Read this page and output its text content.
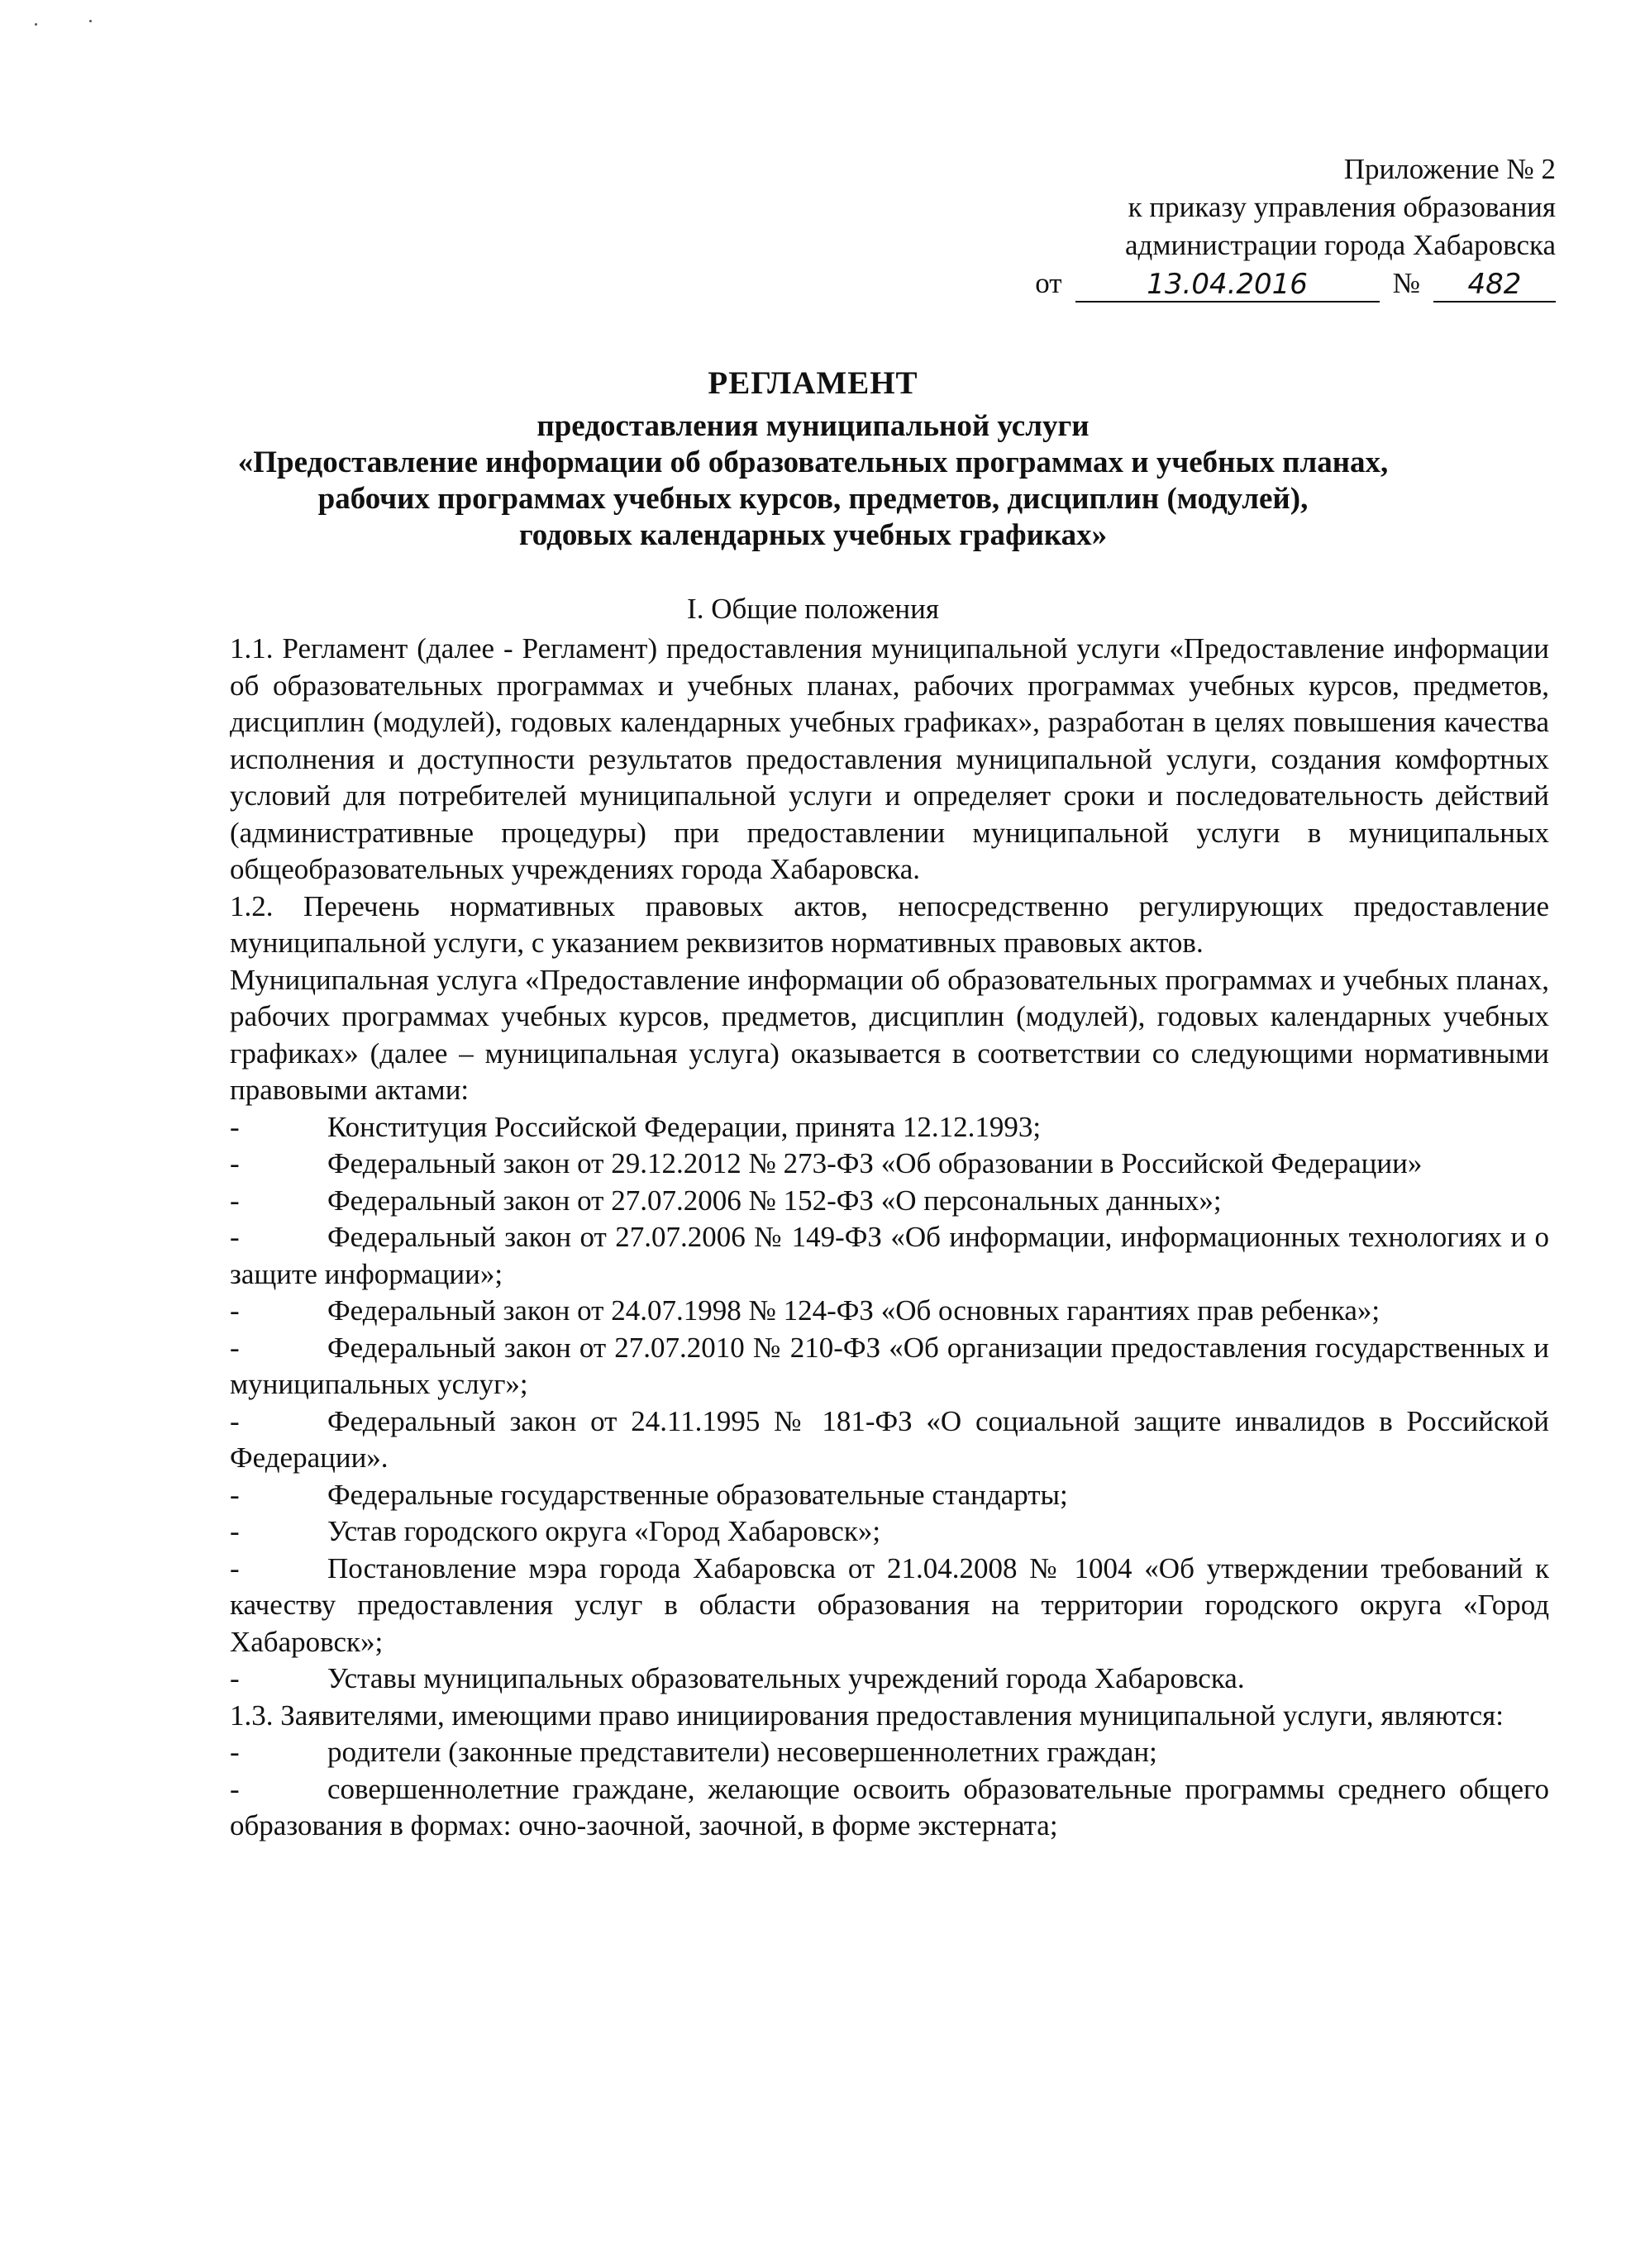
Приложение № 2
к приказу управления образования
администрации города Хабаровска
от	13.04.2016	№	482
РЕГЛАМЕНТ
предоставления муниципальной услуги
«Предоставление информации об образовательных программах и учебных планах,
рабочих программах учебных курсов, предметов, дисциплин (модулей),
годовых календарных учебных графиках»
I. Общие положения

1.1. Регламент (далее - Регламент) предоставления муниципальной услуги «Предоставление информации об образовательных программах и учебных планах, рабочих программах учебных курсов, предметов, дисциплин (модулей), годовых календарных учебных графиках», разработан в целях повышения качества исполнения и доступности результатов предоставления муниципальной услуги, создания комфортных условий для потребителей муниципальной услуги и определяет сроки и последовательность действий (административные процедуры) при предоставлении муниципальной услуги в муниципальных общеобразовательных учреждениях города Хабаровска.

1.2. Перечень нормативных правовых актов, непосредственно регулирующих предоставление муниципальной услуги, с указанием реквизитов нормативных правовых актов.

Муниципальная услуга «Предоставление информации об образовательных программах и учебных планах, рабочих программах учебных курсов, предметов, дисциплин (модулей), годовых календарных учебных графиках» (далее – муниципальная услуга) оказывается в соответствии со следующими нормативными правовыми актами:

-	Конституция Российской Федерации, принята 12.12.1993;
-	Федеральный закон от 29.12.2012 № 273-ФЗ «Об образовании в Российской Федерации»
-	Федеральный закон от 27.07.2006 № 152-ФЗ «О персональных данных»;
-	Федеральный закон от 27.07.2006 № 149-ФЗ «Об информации, информационных технологиях и о защите информации»;
-	Федеральный закон от 24.07.1998 № 124-ФЗ «Об основных гарантиях прав ребенка»;
-	Федеральный закон от 27.07.2010 № 210-ФЗ «Об организации предоставления государственных и муниципальных услуг»;
-	Федеральный закон от 24.11.1995 № 181-ФЗ «О социальной защите инвалидов в Российской Федерации».
-	Федеральные государственные образовательные стандарты;
-	Устав городского округа «Город Хабаровск»;
-	Постановление мэра города Хабаровска от 21.04.2008 № 1004 «Об утверждении требований к качеству предоставления услуг в области образования на территории городского округа «Город Хабаровск»;
-	Уставы муниципальных образовательных учреждений города Хабаровска.

1.3. Заявителями, имеющими право инициирования предоставления муниципальной услуги, являются:

-	родители (законные представители) несовершеннолетних граждан;
-	совершеннолетние граждане, желающие освоить образовательные программы среднего общего образования в формах: очно-заочной, заочной, в форме экстерната;
